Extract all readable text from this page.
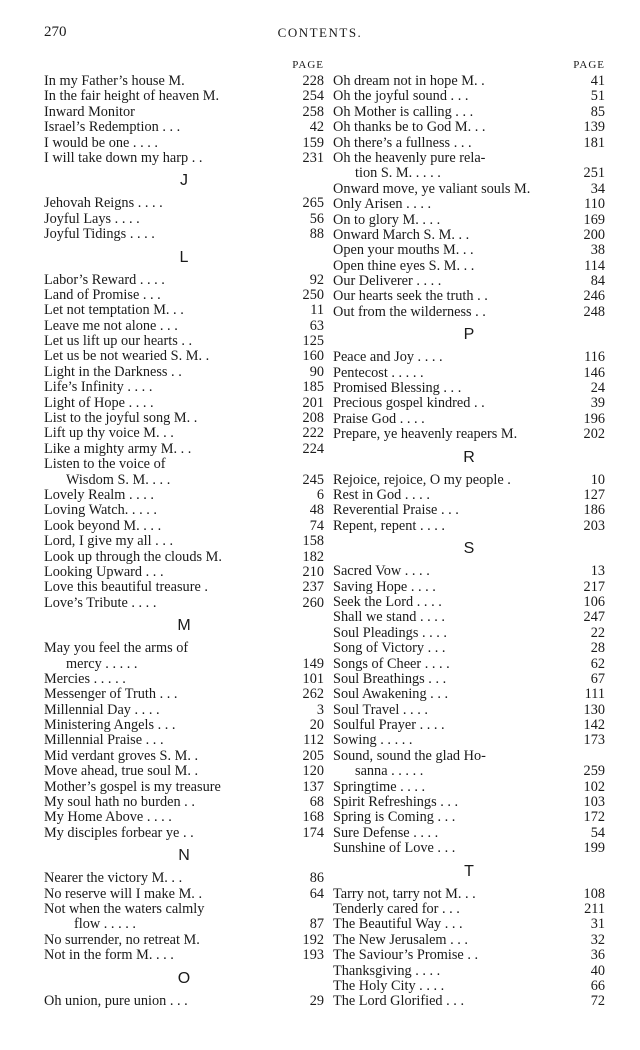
270	CONTENTS.
PAGE
In my Father’s house M.	228
In the fair height of heaven M.	254
Inward Monitor	258
Israel’s Redemption . . .	42
I would be one . . . .	159
I will take down my harp . .	231
J
Jehovah Reigns . . . .	265
Joyful Lays . . . .	56
Joyful Tidings . . . .	88
L
Labor’s Reward . . . .	92
Land of Promise . . .	250
Let not temptation M. . .	11
Leave me not alone . . .	63
Let us lift up our hearts . .	125
Let us be not wearied S. M. .	160
Light in the Darkness . .	90
Life’s Infinity . . . .	185
Light of Hope . . . .	201
List to the joyful song M. .	208
Lift up thy voice M. . .	222
Like a mighty army M. . .	224
Listen to the voice of
Wisdom S. M. . . .	245
Lovely Realm . . . .	6
Loving Watch. . . . .	48
Look beyond M. . . .	74
Lord, I give my all . . .	158
Look up through the clouds M.	182
Looking Upward . . .	210
Love this beautiful treasure .	237
Love’s Tribute . . . .	260
M
May you feel the arms of
mercy . . . . .	149
Mercies . . . . .	101
Messenger of Truth . . .	262
Millennial Day . . . .	3
Ministering Angels . . .	20
Millennial Praise . . .	112
Mid verdant groves S. M. .	205
Move ahead, true soul M. .	120
Mother’s gospel is my treasure	137
My soul hath no burden . .	68
My Home Above . . . .	168
My disciples forbear ye . .	174
N
Nearer the victory M. . .	86
No reserve will I make M. .	64
Not when the waters calmly
flow . . . . .	87
No surrender, no retreat M.	192
Not in the form M. . . .	193
O
Oh union, pure union . . .	29
PAGE
Oh dream not in hope M. .	41
Oh the joyful sound . . .	51
Oh Mother is calling . . .	85
Oh thanks be to God M. . .	139
Oh there’s a fullness . . .	181
Oh the heavenly pure rela-
tion S. M. . . . .	251
Onward move, ye valiant souls M.	34
Only Arisen . . . .	110
On to glory M. . . .	169
Onward March S. M. . .	200
Open your mouths M. . .	38
Open thine eyes S. M. . .	114
Our Deliverer . . . .	84
Our hearts seek the truth . .	246
Out from the wilderness . .	248
P
Peace and Joy . . . .	116
Pentecost . . . . .	146
Promised Blessing . . .	24
Precious gospel kindred . .	39
Praise God . . . .	196
Prepare, ye heavenly reapers M.	202
R
Rejoice, rejoice, O my people .	10
Rest in God . . . .	127
Reverential Praise . . .	186
Repent, repent . . . .	203
S
Sacred Vow . . . .	13
Saving Hope . . . .	217
Seek the Lord . . . .	106
Shall we stand . . . .	247
Soul Pleadings . . . .	22
Song of Victory . . .	28
Songs of Cheer . . . .	62
Soul Breathings . . .	67
Soul Awakening . . .	111
Soul Travel . . . .	130
Soulful Prayer . . . .	142
Sowing . . . . .	173
Sound, sound the glad Ho-
sanna . . . . .	259
Springtime . . . .	102
Spirit Refreshings . . .	103
Spring is Coming . . .	172
Sure Defense . . . .	54
Sunshine of Love . . .	199
T
Tarry not, tarry not M. . .	108
Tenderly cared for . . .	211
The Beautiful Way . . .	31
The New Jerusalem . . .	32
The Saviour’s Promise . .	36
Thanksgiving . . . .	40
The Holy City . . . .	66
The Lord Glorified . . .	72
